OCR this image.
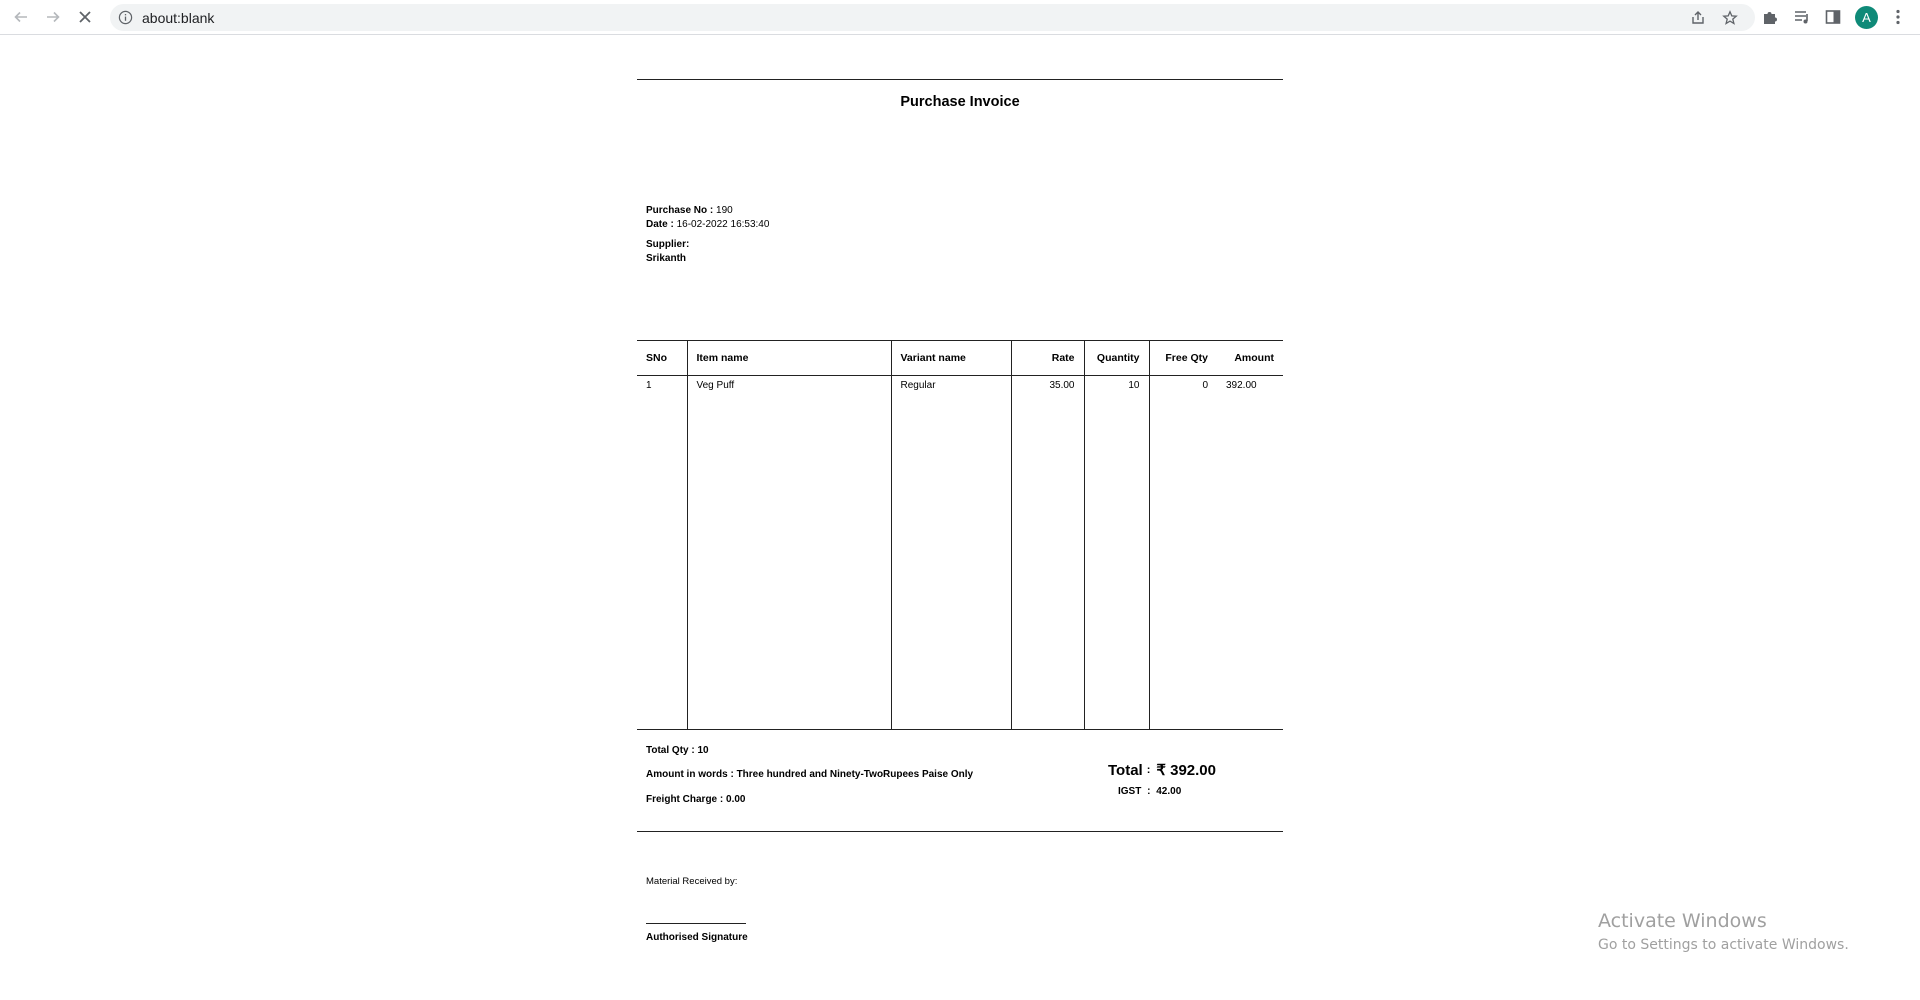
about:blank	A
Purchase Invoice
Purchase No : 190
Date : 16-02-2022 16:53:40
Supplier:
Srikanth
SNo	Item name	Variant name	Rate	Quantity	Free Qty	Amount
1	Veg Puff	Regular	35.00	10	0	392.00

Total Qty : 10
Amount in words : Three hundred and Ninety-TwoRupees Paise Only
Freight Charge : 0.00
Total : ₹ 392.00
IGST : 42.00
Material Received by:
Authorised Signature
Activate Windows
Go to Settings to activate Windows.
